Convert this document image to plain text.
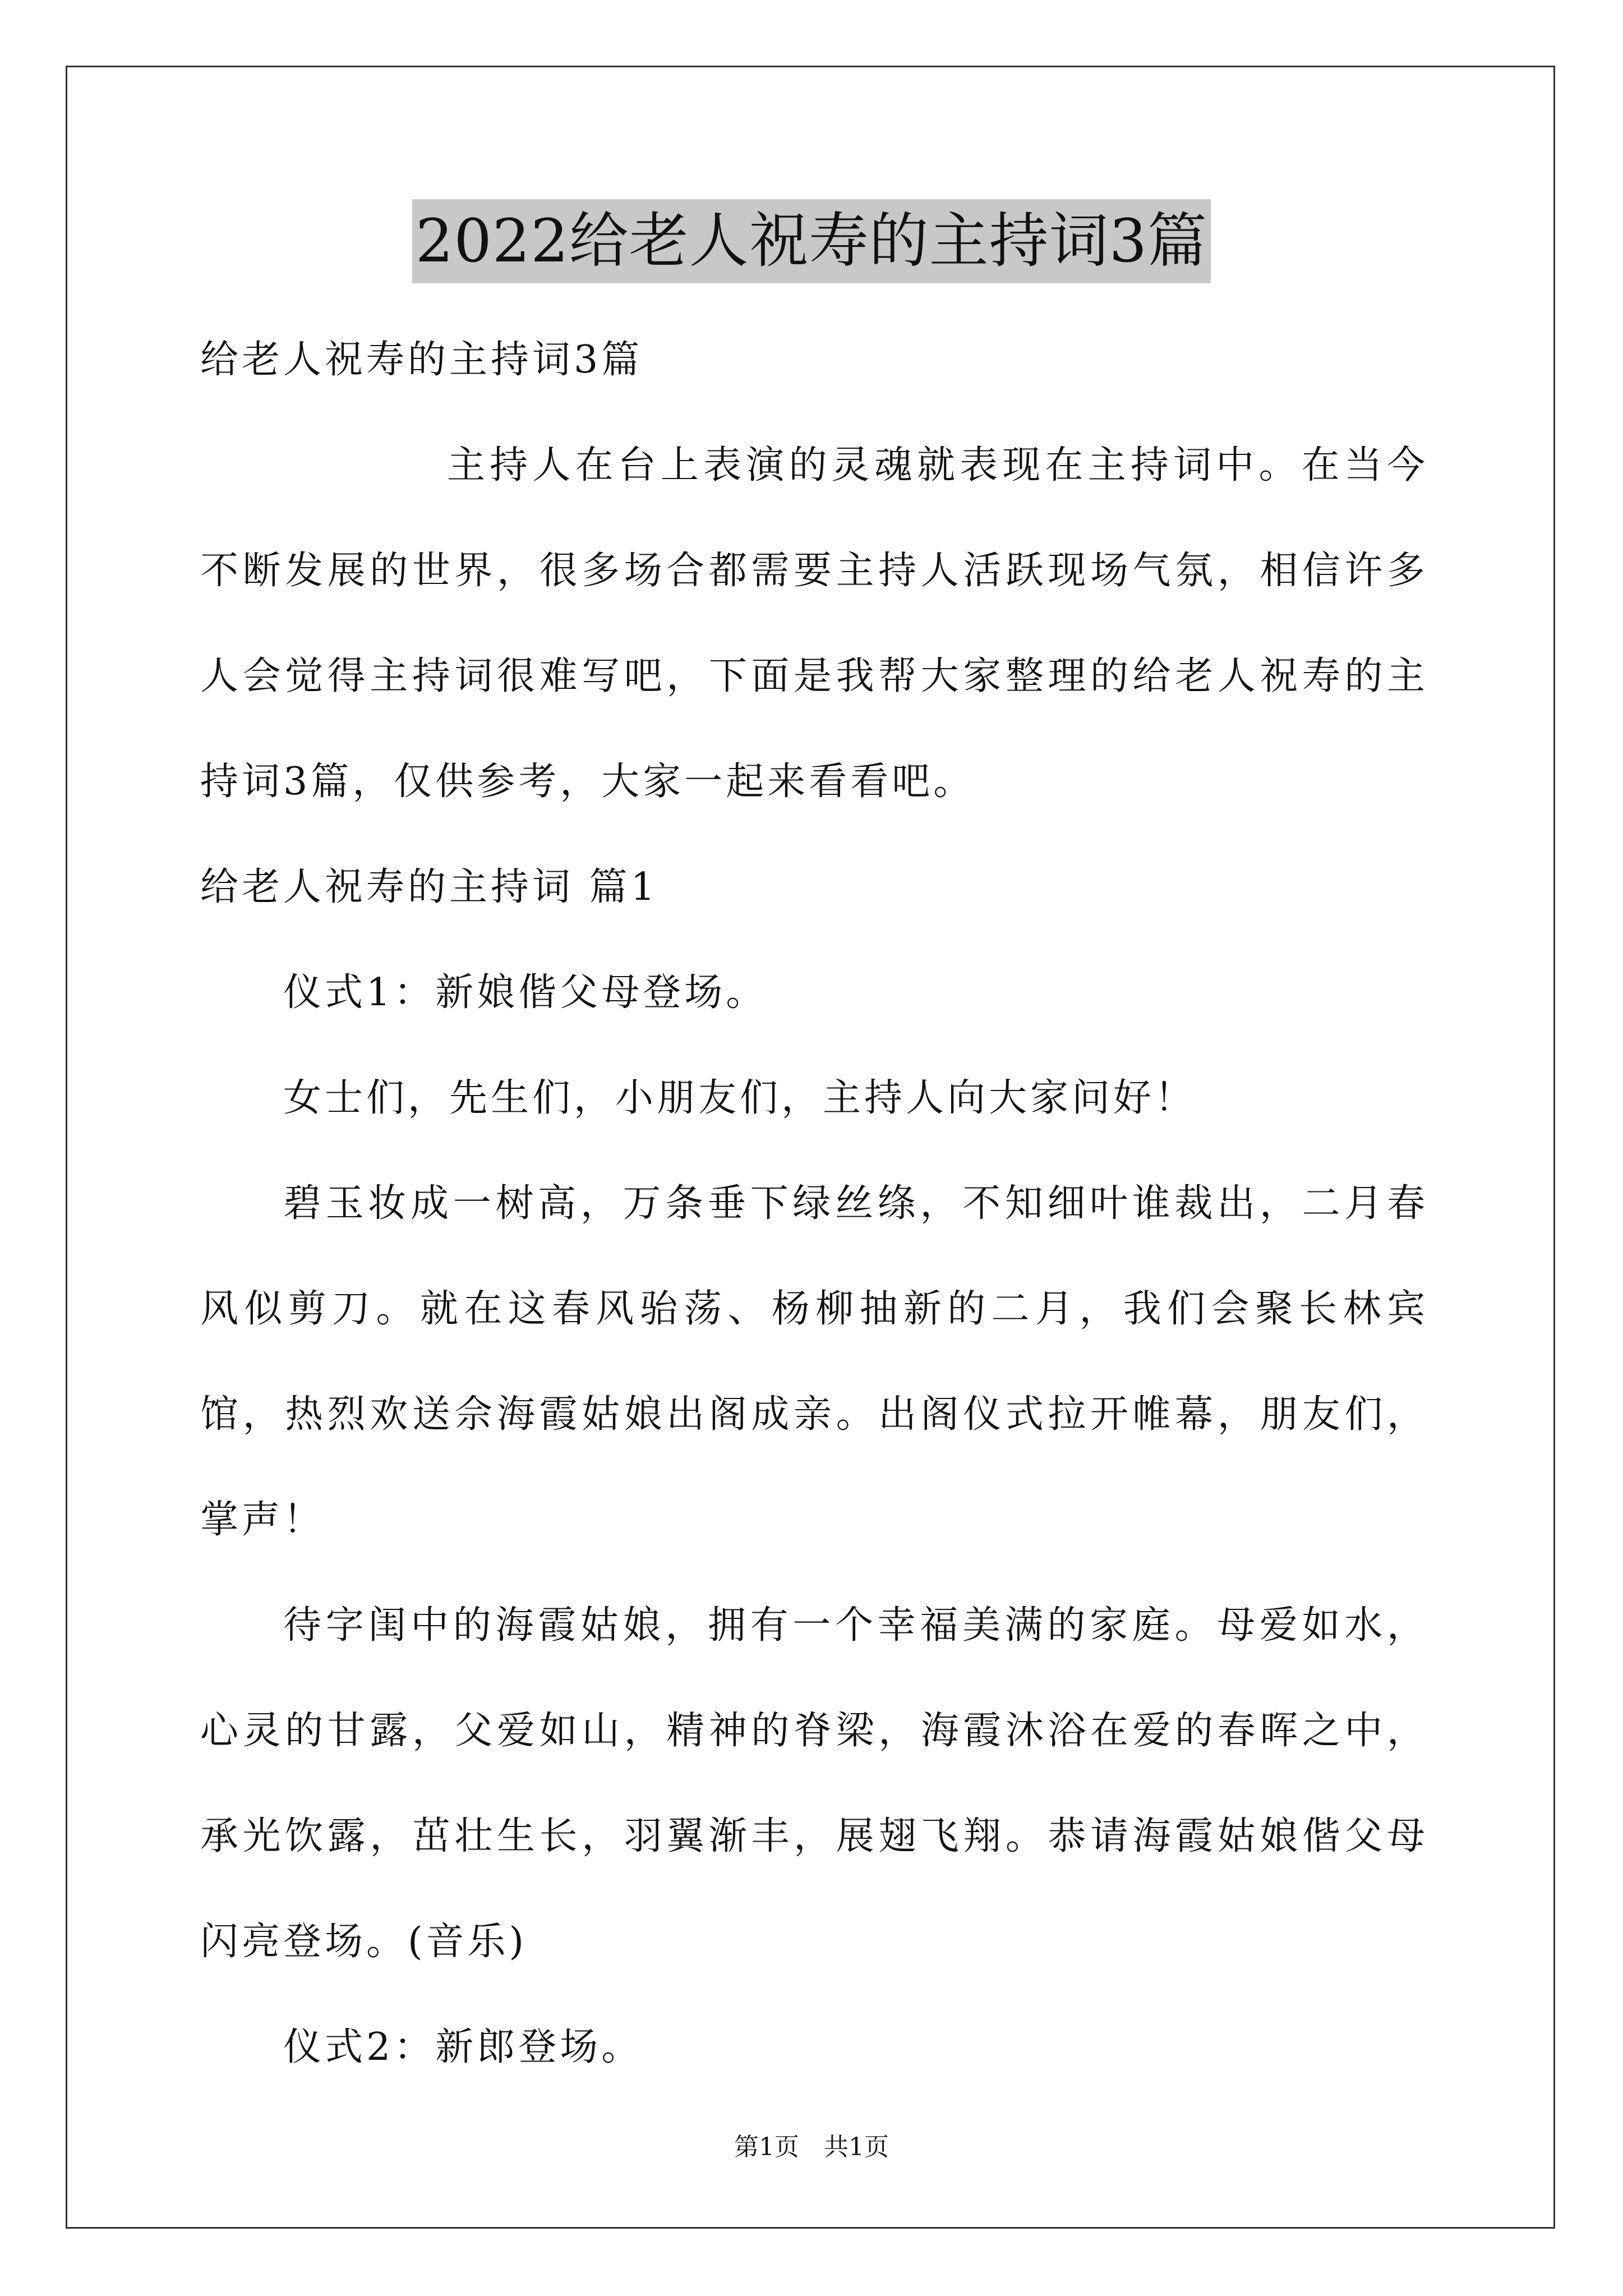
2022给老人祝寿的主持词3篇

给老人祝寿的主持词3篇

主持人在台上表演的灵魂就表现在主持词中。在当今不断发展的世界，很多场合都需要主持人活跃现场气氛，相信许多人会觉得主持词很难写吧，下面是我帮大家整理的给老人祝寿的主持词3篇，仅供参考，大家一起来看看吧。

给老人祝寿的主持词 篇1

仪式1：新娘偕父母登场。

女士们，先生们，小朋友们，主持人向大家问好！

碧玉妆成一树高，万条垂下绿丝绦，不知细叶谁裁出，二月春风似剪刀。就在这春风骀荡、杨柳抽新的二月，我们会聚长林宾馆，热烈欢送佘海霞姑娘出阁成亲。出阁仪式拉开帷幕，朋友们，掌声！

待字闺中的海霞姑娘，拥有一个幸福美满的家庭。母爱如水，心灵的甘露，父爱如山，精神的脊梁，海霞沐浴在爱的春晖之中，承光饮露，茁壮生长，羽翼渐丰，展翅飞翔。恭请海霞姑娘偕父母闪亮登场。(音乐)

仪式2：新郎登场。

第1页 共1页
